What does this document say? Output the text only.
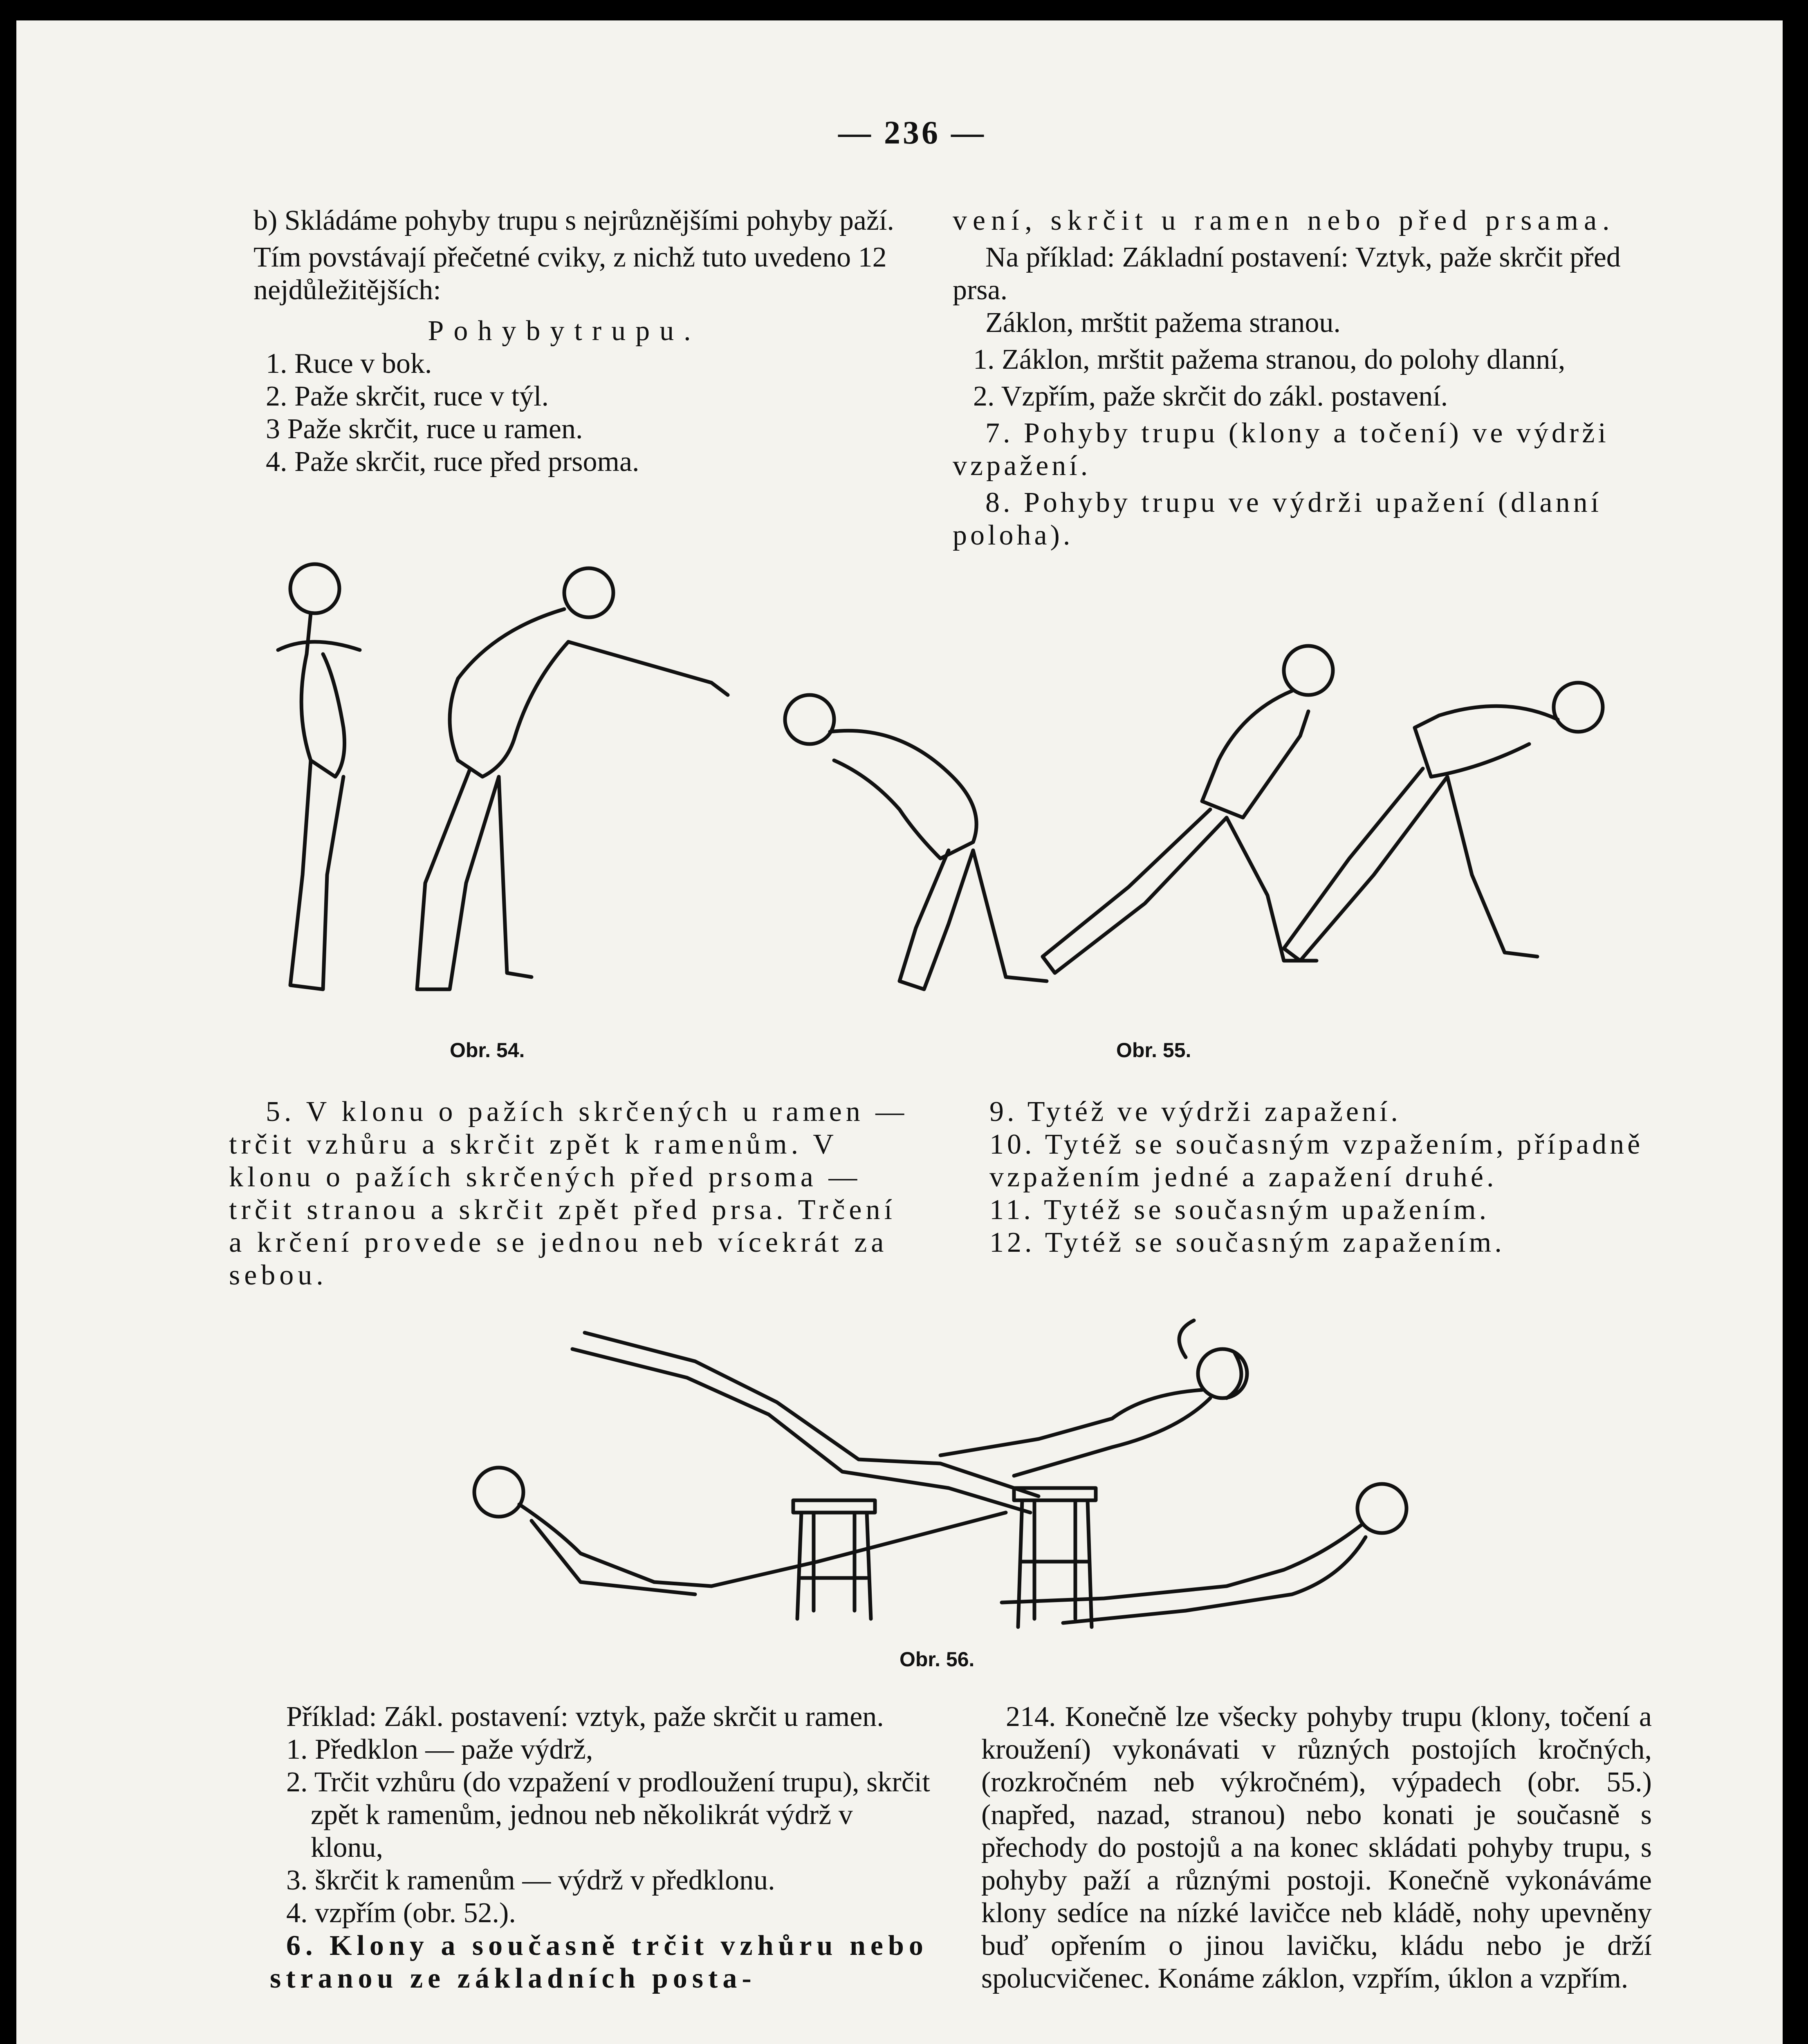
— 236 —

b) Skládáme pohyby trupu s nejrůznějšími pohyby paží.

Tím povstávají přečetné cviky, z nichž tuto uvedeno 12 nejdůležitějších:

Pohybytrupu.

1. Ruce v bok.

2. Paže skrčit, ruce v týl.

3 Paže skrčit, ruce u ramen.

4. Paže skrčit, ruce před prsoma.

vení, skrčit u ramen nebo před prsama.

Na příklad: Základní postavení: Vztyk, paže skrčit před prsa.

Záklon, mrštit pažema stranou.

1. Záklon, mrštit pažema stranou, do polohy dlanní,

2. Vzpřím, paže skrčit do zákl. postavení.

7. Pohyby trupu (klony a točení) ve výdrži vzpažení.

8. Pohyby trupu ve výdrži upažení (dlanní poloha).

Obr. 54.	Obr. 55.

5. V klonu o pažích skrčených u ramen — trčit vzhůru a skrčit zpět k ramenům. V klonu o pažích skrčených před prsoma — trčit stranou a skrčit zpět před prsa. Trčení a krčení provede se jednou neb vícekrát za sebou.

9. Tytéž ve výdrži zapažení.

10. Tytéž se současným vzpažením, případně vzpažením jedné a zapažení druhé.

11. Tytéž se současným upažením.

12. Tytéž se současným zapažením.

Obr. 56.

Příklad: Zákl. postavení: vztyk, paže skrčit u ramen.

1. Předklon — paže výdrž,

2. Trčit vzhůru (do vzpažení v prodloužení trupu), skrčit zpět k ramenům, jednou neb několikrát výdrž v klonu,

3. škrčit k ramenům — výdrž v předklonu.

4. vzpřím (obr. 52.).

6. Klony a současně trčit vzhůru nebo stranou ze základních posta-

214. Konečně lze všecky pohyby trupu (klony, točení a kroužení) vykonávati v různých postojích kročných, (rozkročném neb výkročném), výpadech (obr. 55.) (napřed, nazad, stranou) nebo konati je současně s přechody do postojů a na konec skládati pohyby trupu, s pohyby paží a různými postoji. Konečně vykonáváme klony sedíce na nízké lavičce neb kládě, nohy upevněny buď opřením o jinou lavičku, kládu nebo je drží spolucvičenec. Konáme záklon, vzpřím, úklon a vzpřím.
